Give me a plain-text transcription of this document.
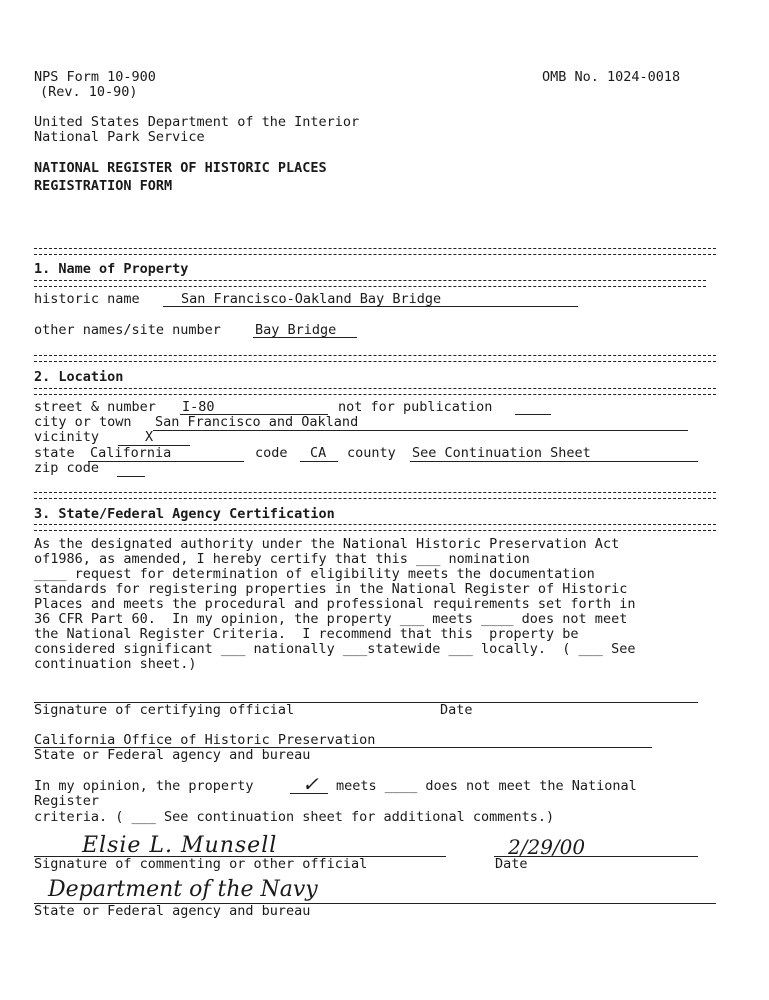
NPS Form 10-900
(Rev. 10-90)
OMB No. 1024-0018
United States Department of the Interior
National Park Service
NATIONAL REGISTER OF HISTORIC PLACES
REGISTRATION FORM
1. Name of Property
historic name	San Francisco-Oakland Bay Bridge
other names/site number	Bay Bridge
2. Location
street & number I-80	not for publication
city or town San Francisco and Oakland
vicinity	X
state California	code CA county See Continuation Sheet
zip code
3. State/Federal Agency Certification
As the designated authority under the National Historic Preservation Act
of1986, as amended, I hereby certify that this ___ nomination
____ request for determination of eligibility meets the documentation
standards for registering properties in the National Register of Historic
Places and meets the procedural and professional requirements set forth in
36 CFR Part 60.  In my opinion, the property ___ meets ____ does not meet
the National Register Criteria.  I recommend that this  property be
considered significant ___ nationally ___statewide ___ locally.  ( ___ See
continuation sheet.)
Signature of certifying official	Date
California Office of Historic Preservation
State or Federal agency and bureau
In my opinion, the property ✓ meets ____ does not meet the National
Register
criteria. ( ___ See continuation sheet for additional comments.)
Elsie L. Munsell	2/29/00
Signature of commenting or other official	Date
Department of the Navy
State or Federal agency and bureau
